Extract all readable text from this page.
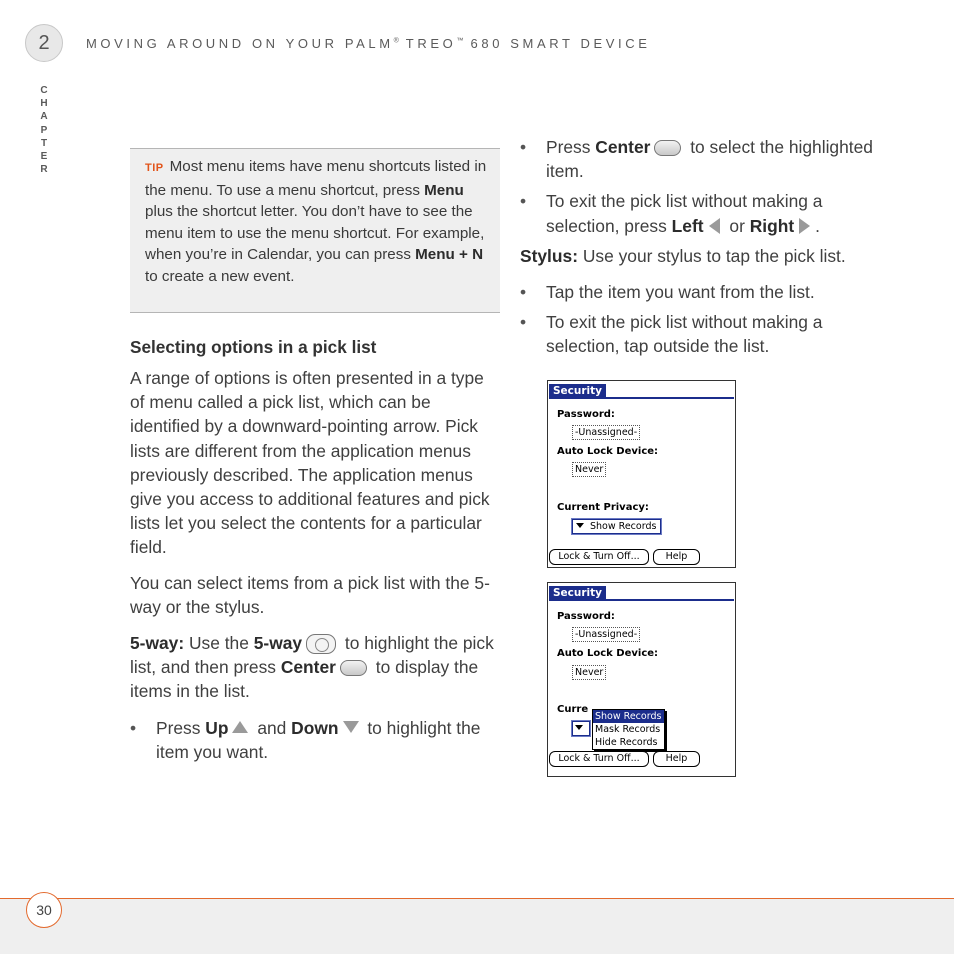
2	MOVING AROUND ON YOUR PALM® TREO™ 680 SMART DEVICE
C
H
A
P
T
E
R	TIP Most menu items have menu shortcuts listed in the menu. To use a menu shortcut, press Menu plus the shortcut letter. You don’t have to see the menu item to use the menu shortcut. For example, when you’re in Calendar, you can press Menu + N to create a new event.
Selecting options in a pick list
A range of options is often presented in a type of menu called a pick list, which can be identified by a downward-pointing arrow. Pick lists are different from the application menus previously described. The application menus give you access to additional features and pick lists let you select the contents for a particular field.
You can select items from a pick list with the 5-way or the stylus.
5-way: Use the 5-way
to highlight the pick list, and then press Center to display the items in the list.
• Press Up and Down to highlight the item you want.
• Press Center to select the highlighted item.
• To exit the pick list without making a selection, press Left or Right .
Stylus: Use your stylus to tap the pick list.
• Tap the item you want from the list.
• To exit the pick list without making a selection, tap outside the list.
Security
Password:
-Unassigned-
Auto Lock Device:
Never
Current Privacy:
Show Records
Lock & Turn Off...	Help
Security
Password:
-Unassigned-
Auto Lock Device:
Never
Curre
Show Records
Mask Records
Hide Records
Lock & Turn Off...	Help
30
